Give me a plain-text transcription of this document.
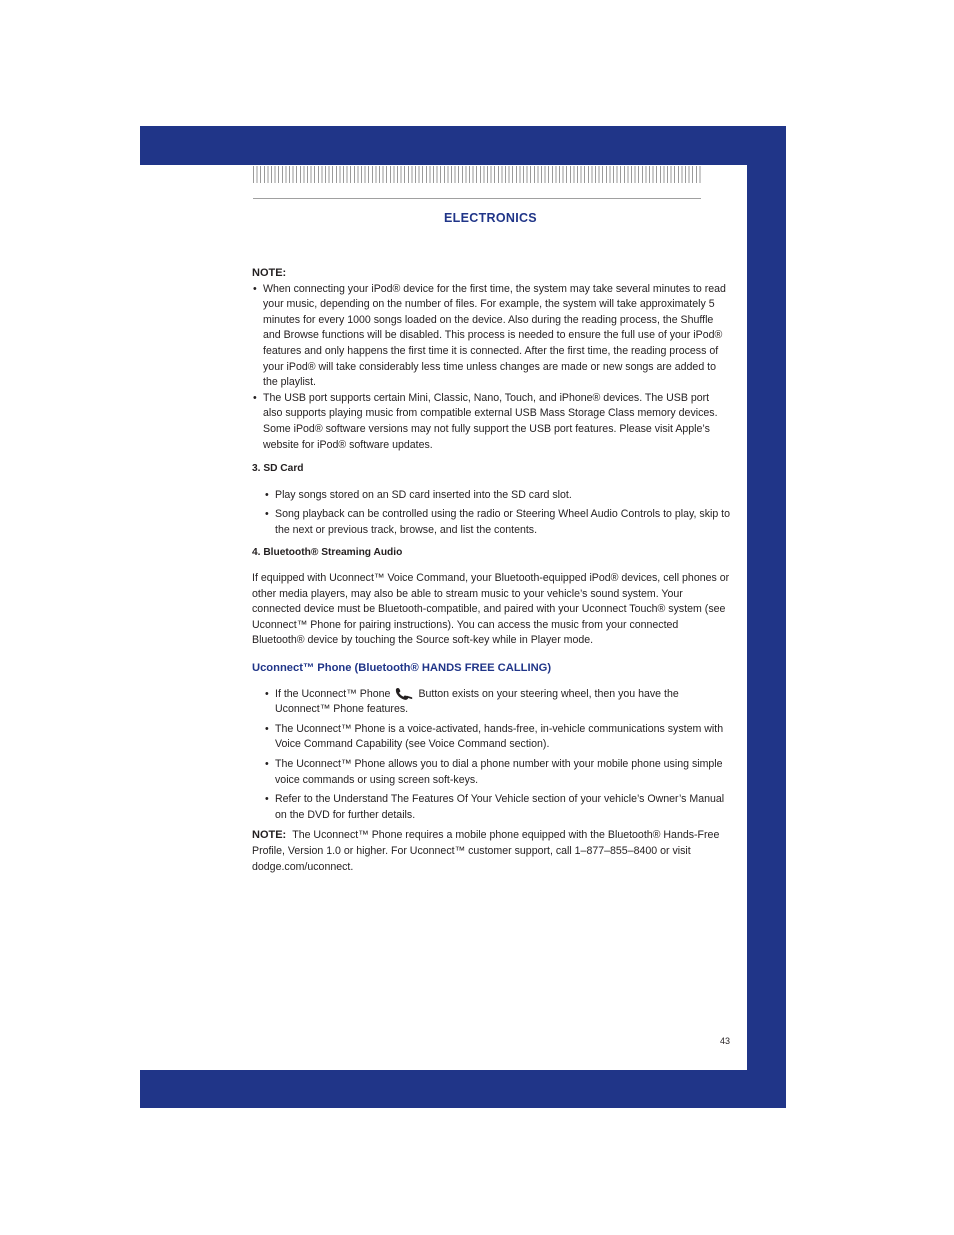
ELECTRONICS

NOTE:

• When connecting your iPod® device for the first time, the system may take several minutes to read your music, depending on the number of files. For example, the system will take approximately 5 minutes for every 1000 songs loaded on the device. Also during the reading process, the Shuffle and Browse functions will be disabled. This process is needed to ensure the full use of your iPod® features and only happens the first time it is connected. After the first time, the reading process of your iPod® will take considerably less time unless changes are made or new songs are added to the playlist.
• The USB port supports certain Mini, Classic, Nano, Touch, and iPhone® devices. The USB port also supports playing music from compatible external USB Mass Storage Class memory devices. Some iPod® software versions may not fully support the USB port features. Please visit Apple’s website for iPod® software updates.

3. SD Card

• Play songs stored on an SD card inserted into the SD card slot.
• Song playback can be controlled using the radio or Steering Wheel Audio Controls to play, skip to the next or previous track, browse, and list the contents.

4. Bluetooth® Streaming Audio

If equipped with Uconnect™ Voice Command, your Bluetooth-equipped iPod® devices, cell phones or other media players, may also be able to stream music to your vehicle’s sound system. Your connected device must be Bluetooth-compatible, and paired with your Uconnect Touch® system (see Uconnect™ Phone for pairing instructions). You can access the music from your connected Bluetooth® device by touching the Source soft-key while in Player mode.

Uconnect™ Phone (Bluetooth® HANDS FREE CALLING)

• If the Uconnect™ Phone	Button exists on your steering wheel, then you have the Uconnect™ Phone features.
• The Uconnect™ Phone is a voice-activated, hands-free, in-vehicle communications system with Voice Command Capability (see Voice Command section).
• The Uconnect™ Phone allows you to dial a phone number with your mobile phone using simple voice commands or using screen soft-keys.
• Refer to the Understand The Features Of Your Vehicle section of your vehicle’s Owner’s Manual on the DVD for further details.

NOTE: The Uconnect™ Phone requires a mobile phone equipped with the Bluetooth® Hands-Free Profile, Version 1.0 or higher. For Uconnect™ customer support, call 1–877–855–8400 or visit dodge.com/uconnect.

43
